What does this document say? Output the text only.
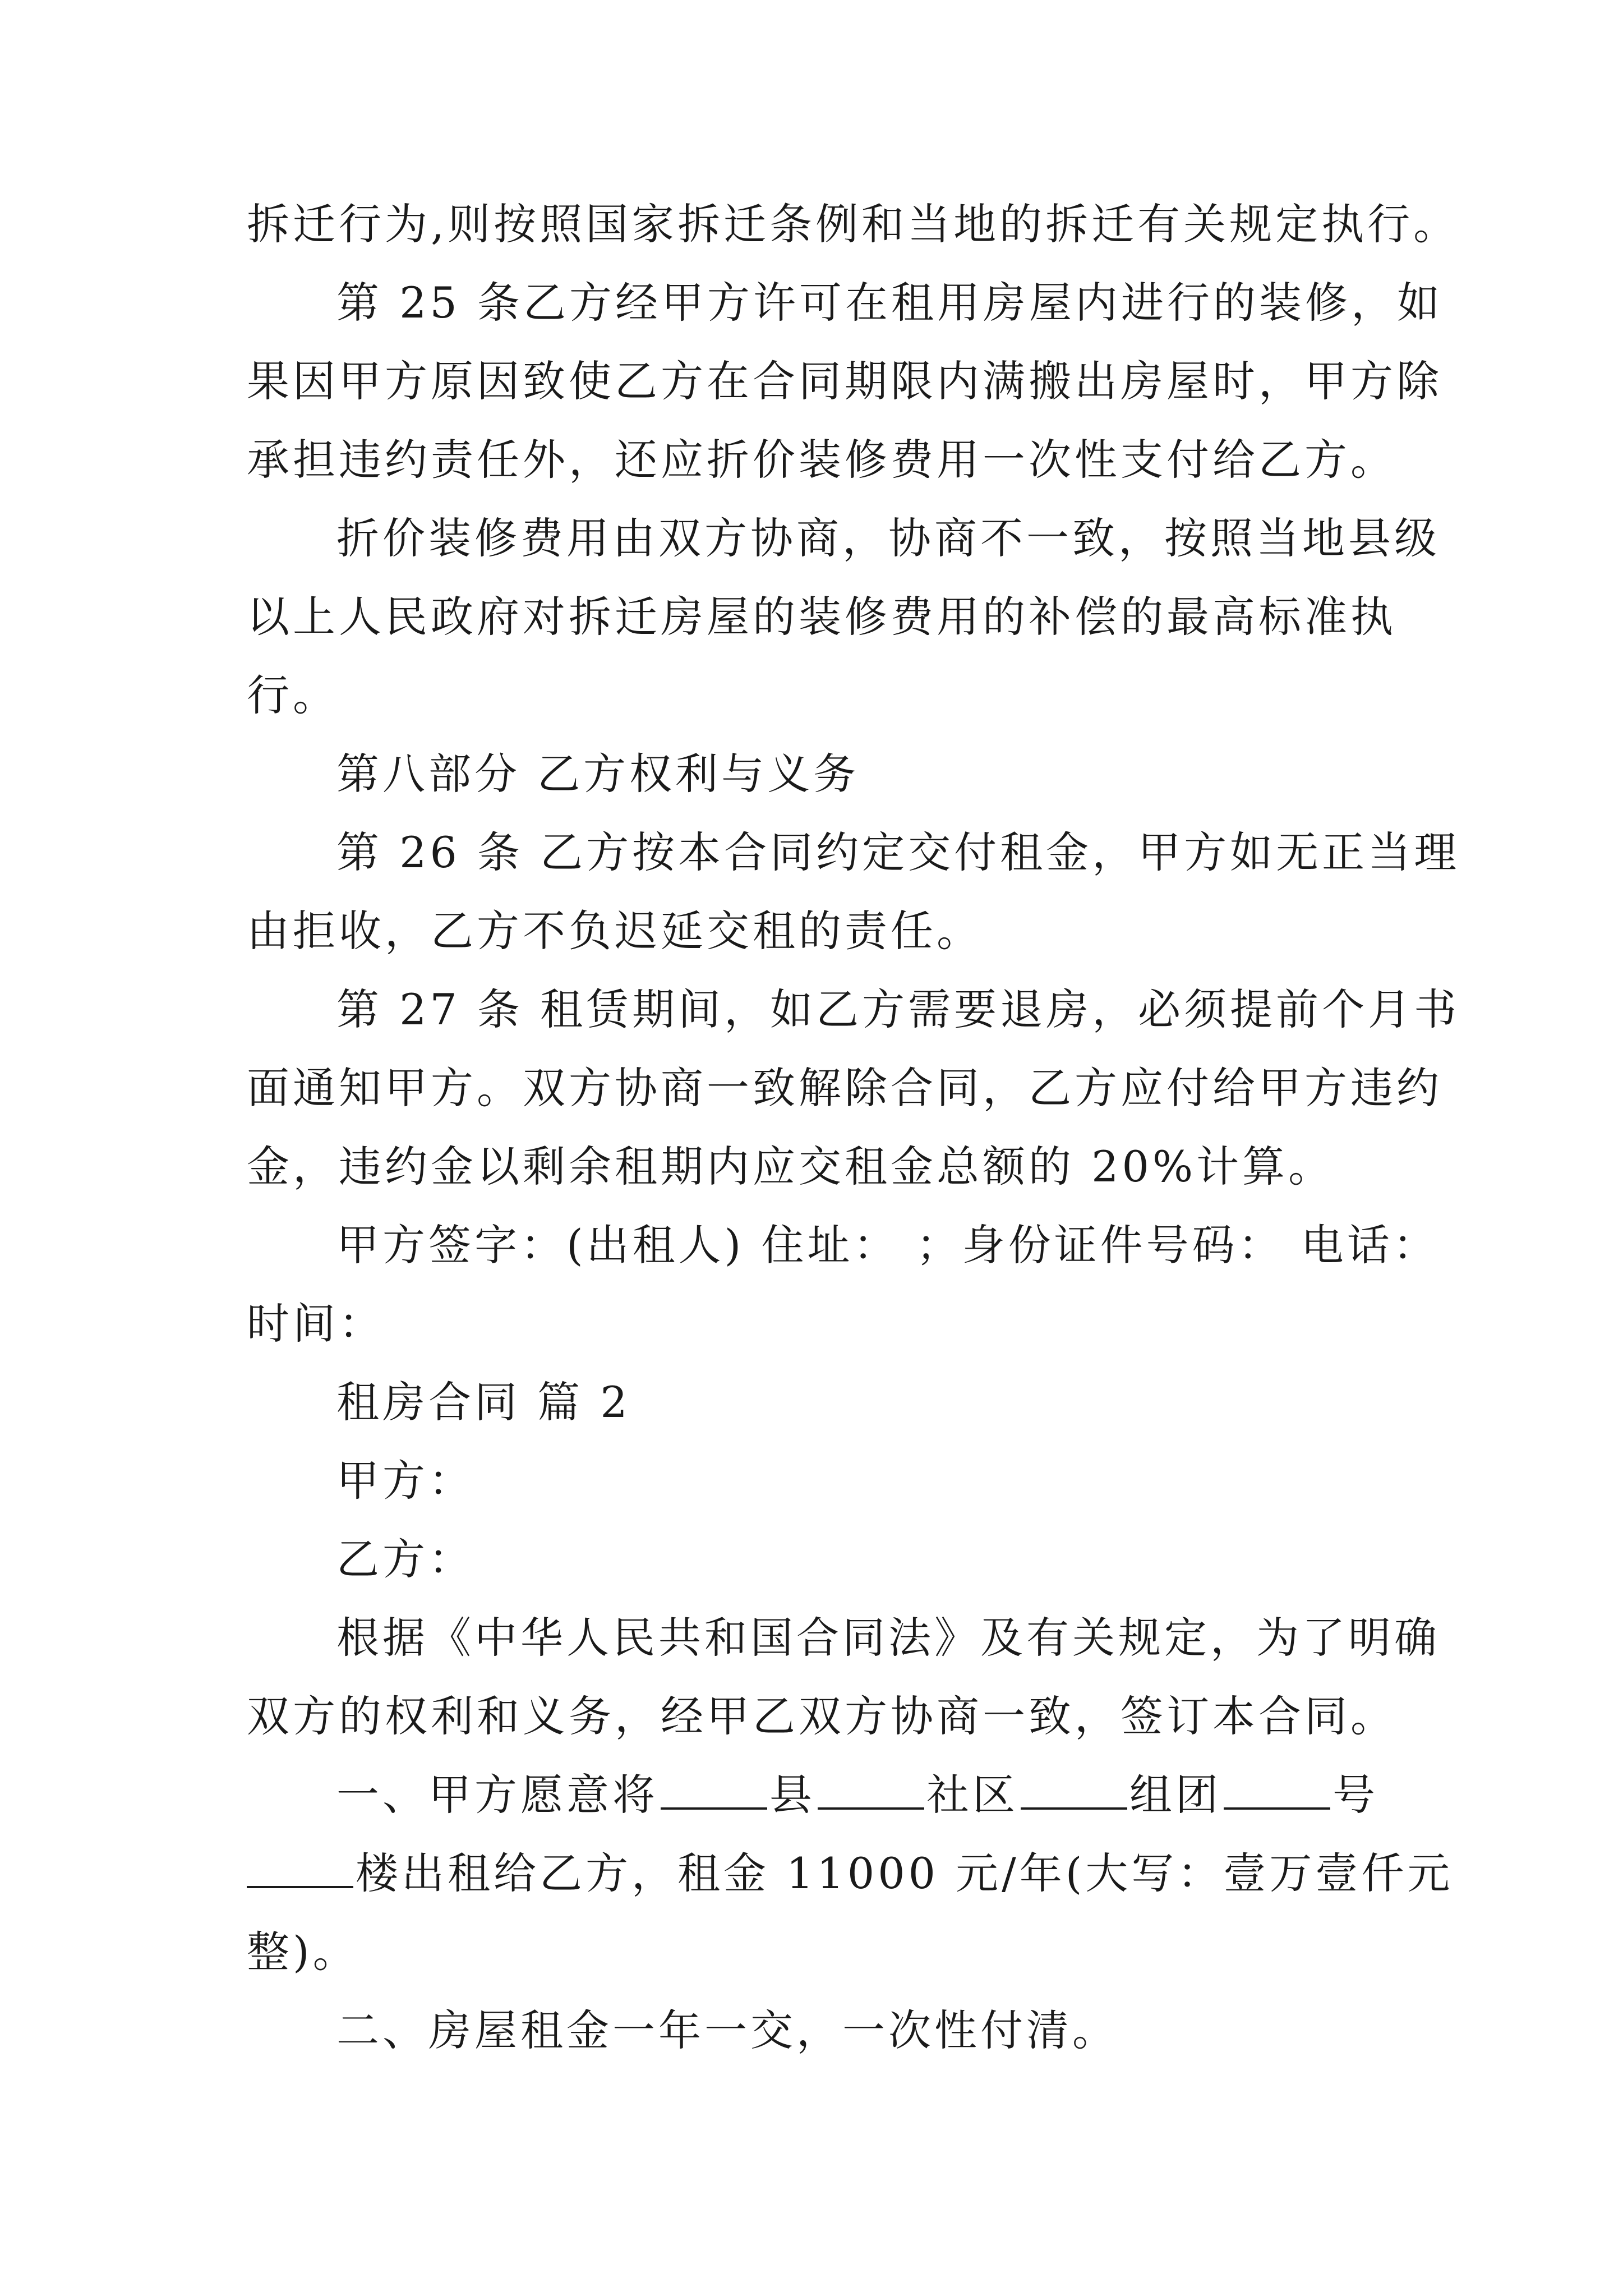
拆迁行为,则按照国家拆迁条例和当地的拆迁有关规定执行。
第 25 条乙方经甲方许可在租用房屋内进行的装修，如
果因甲方原因致使乙方在合同期限内满搬出房屋时，甲方除
承担违约责任外，还应折价装修费用一次性支付给乙方。
折价装修费用由双方协商，协商不一致，按照当地县级
以上人民政府对拆迁房屋的装修费用的补偿的最高标准执
行。
第八部分 乙方权利与义务
第 26 条 乙方按本合同约定交付租金，甲方如无正当理
由拒收，乙方不负迟延交租的责任。
第 27 条 租赁期间，如乙方需要退房，必须提前个月书
面通知甲方。双方协商一致解除合同，乙方应付给甲方违约
金，违约金以剩余租期内应交租金总额的 20%计算。
甲方签字：(出租人) 住址： ；身份证件号码： 电话：
时间：
租房合同 篇 2
甲方：
乙方：
根据《中华人民共和国合同法》及有关规定，为了明确
双方的权利和义务，经甲乙双方协商一致，签订本合同。
一、甲方愿意将	县	社区	组团	号
楼出租给乙方，租金 11000 元/年(大写：壹万壹仟元
整)。
二、房屋租金一年一交，一次性付清。
